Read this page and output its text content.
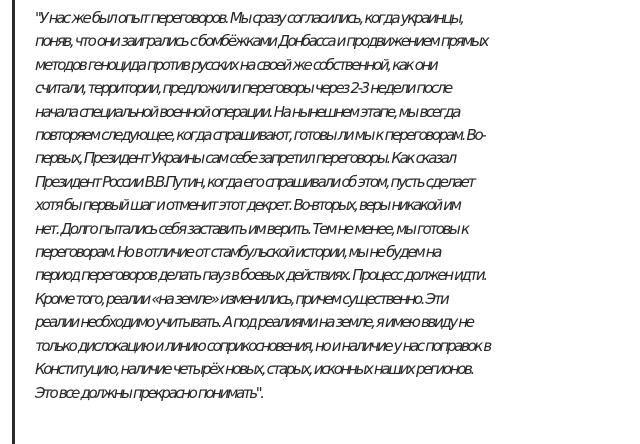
"У нас же был опыт переговоров. Мы сразу согласились, когда украинцы,
поняв, что они заигрались с бомбёжками Донбасса и продвижением прямых
методов геноцида против русских на своей же собственной, как они
считали, территории, предложили переговоры через 2-3 недели после
начала специальной военной операции. На нынешнем этапе, мы всегда
повторяем следующее, когда спрашивают, готовы ли мы к переговорам. Во-
первых, Президент Украины сам себе запретил переговоры. Как сказал
Президент России В.В.Путин, когда его спрашивали об этом, пусть сделает
хотя бы первый шаг и отменит этот декрет. Во-вторых, веры никакой им
нет. Долго пытались себя заставить им верить. Тем не менее, мы готовы к
переговорам. Но в отличие от стамбульской истории, мы не будем на
период переговоров делать пауз в боевых действиях. Процесс должен идти.
Кроме того, реалии «на земле» изменились, причем существенно. Эти
реалии необходимо учитывать. А под реалиями на земле, я имею ввиду не
только дислокацию и линию соприкосновения, но и наличие у нас поправок в
Конституцию, наличие четырёх новых, старых, исконных наших регионов.
Это все должны прекрасно понимать".
